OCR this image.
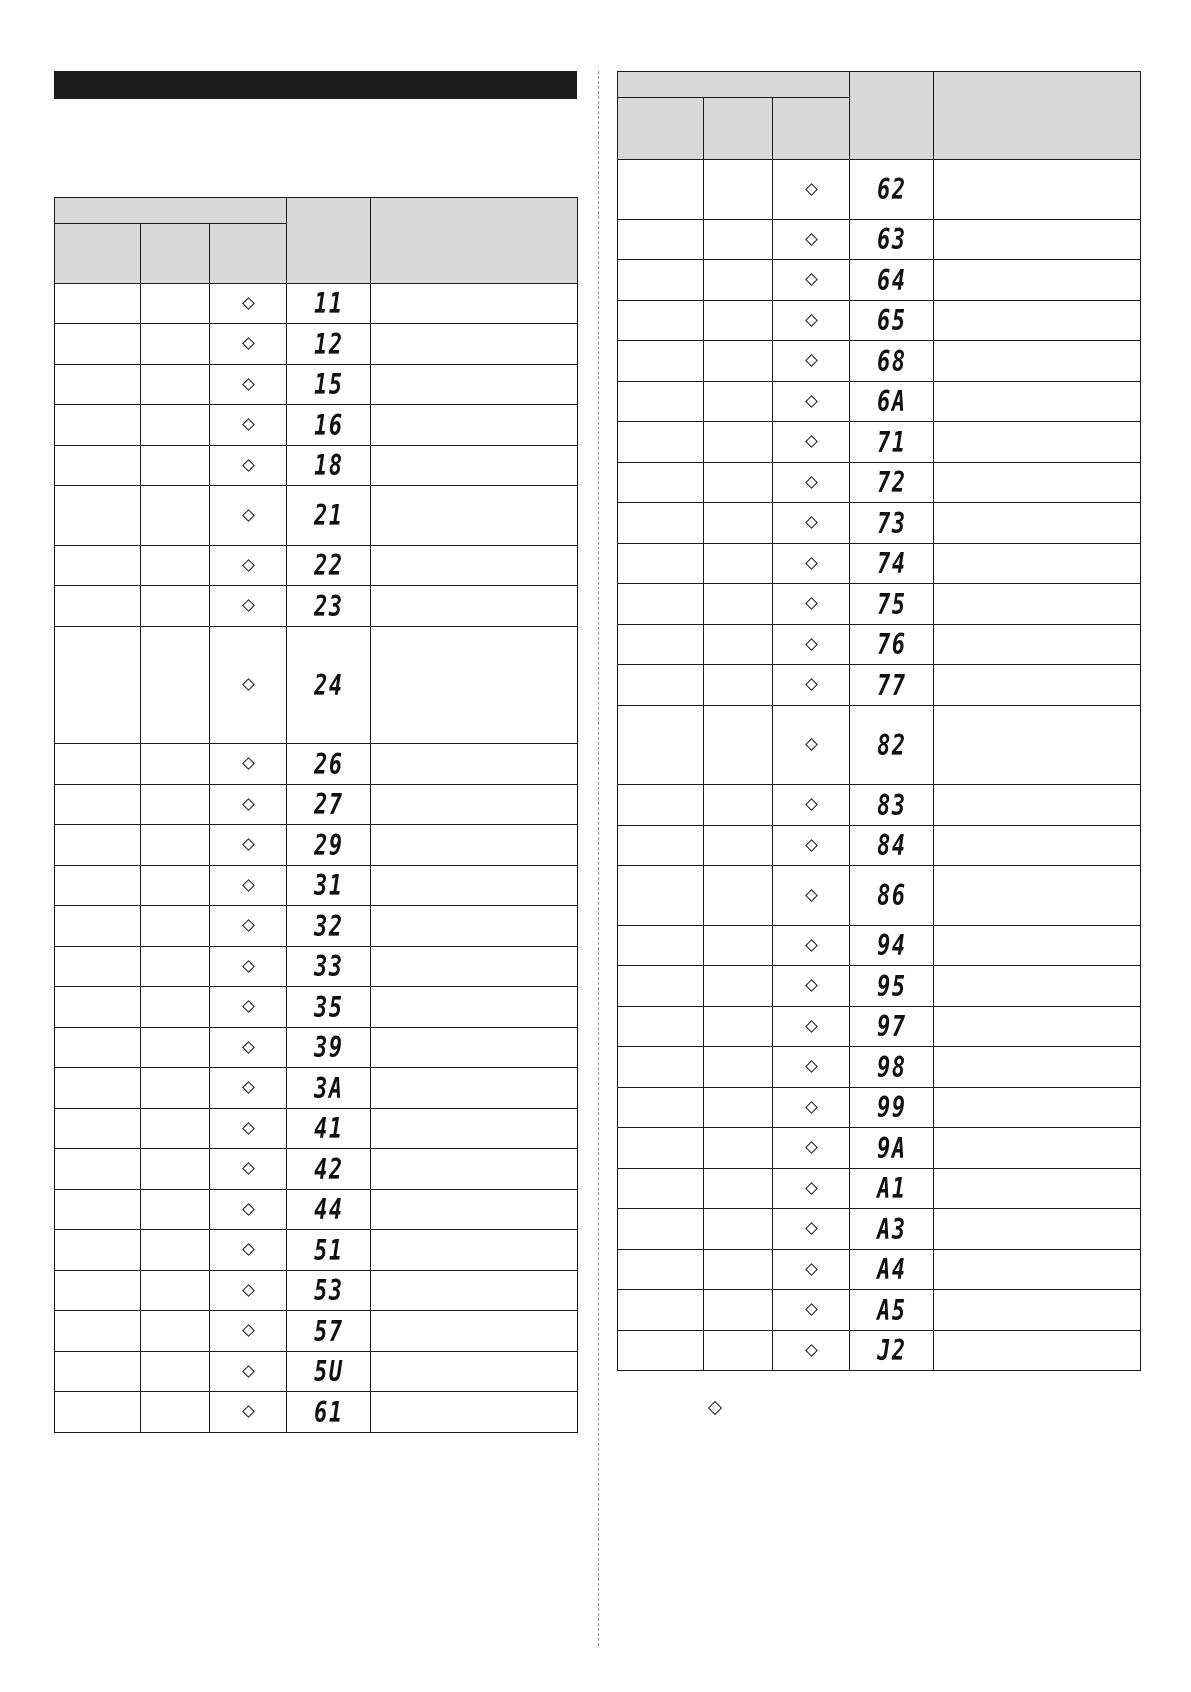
			11	
			12	
			15	
			16	
			18	
			21	
			22	
			23	
			24	
			26	
			27	
			29	
			31	
			32	
			33	
			35	
			39	
			3A	
			41	
			42	
			44	
			51	
			53	
			57	
			5U	
			61	

			62	
			63	
			64	
			65	
			68	
			6A	
			71	
			72	
			73	
			74	
			75	
			76	
			77	
			82	
			83	
			84	
			86	
			94	
			95	
			97	
			98	
			99	
			9A	
			A1	
			A3	
			A4	
			A5	
			J2	
